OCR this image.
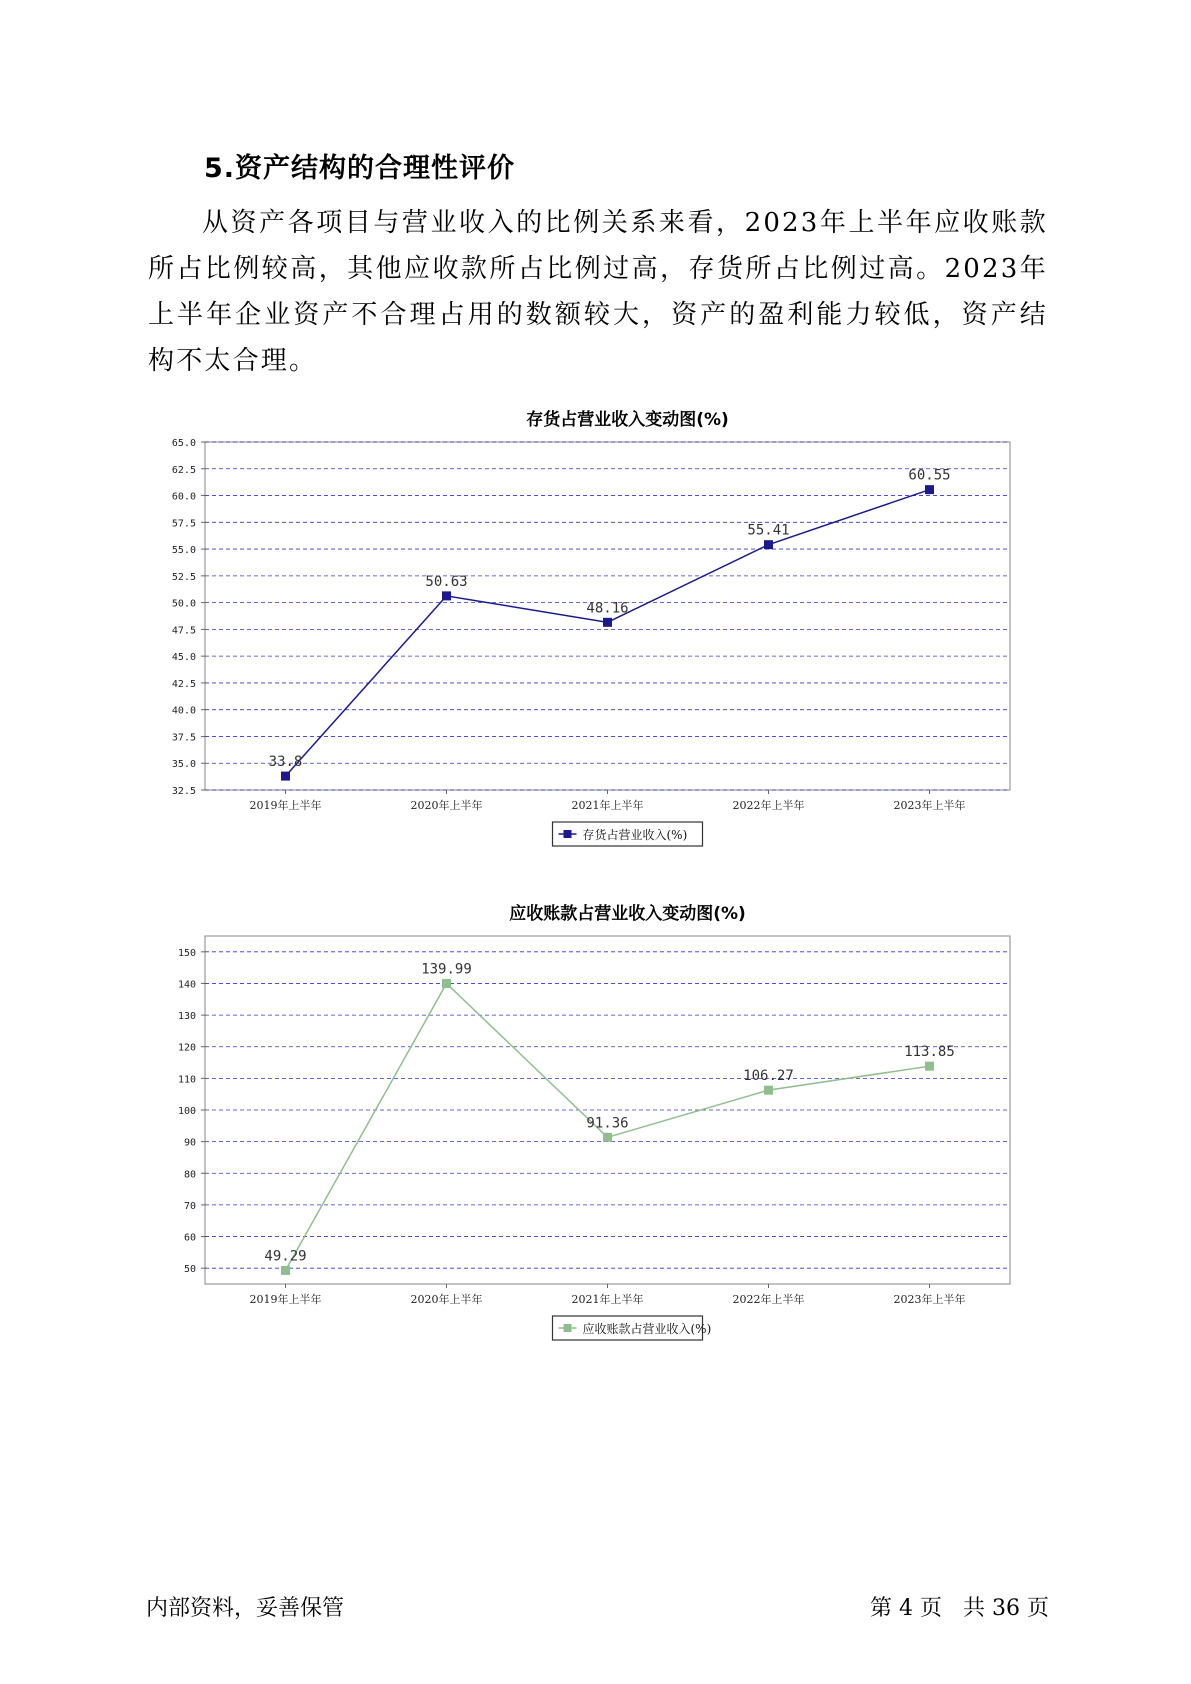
5.资产结构的合理性评价

从资产各项目与营业收入的比例关系来看，2023年上半年应收账款所占比例较高，其他应收款所占比例过高，存货所占比例过高。2023年上半年企业资产不合理占用的数额较大，资产的盈利能力较低，资产结构不太合理。

存货占营业收入变动图(%)
32.5
35.0
37.5
40.0
42.5
45.0
47.5
50.0
52.5
55.0
57.5
60.0
62.5
65.0
2019年上半年	2020年上半年	2021年上半年	2022年上半年	2023年上半年
33.8
50.63
48.16
55.41
60.55
存货占营业收入(%)
应收账款占营业收入变动图(%)
50
60
70
80
90
100
110
120
130
140
150
2019年上半年	2020年上半年	2021年上半年	2022年上半年	2023年上半年
49.29
139.99
91.36
106.27
113.85
应收账款占营业收入(%)
内部资料，妥善保管	第 4 页   共 36 页
